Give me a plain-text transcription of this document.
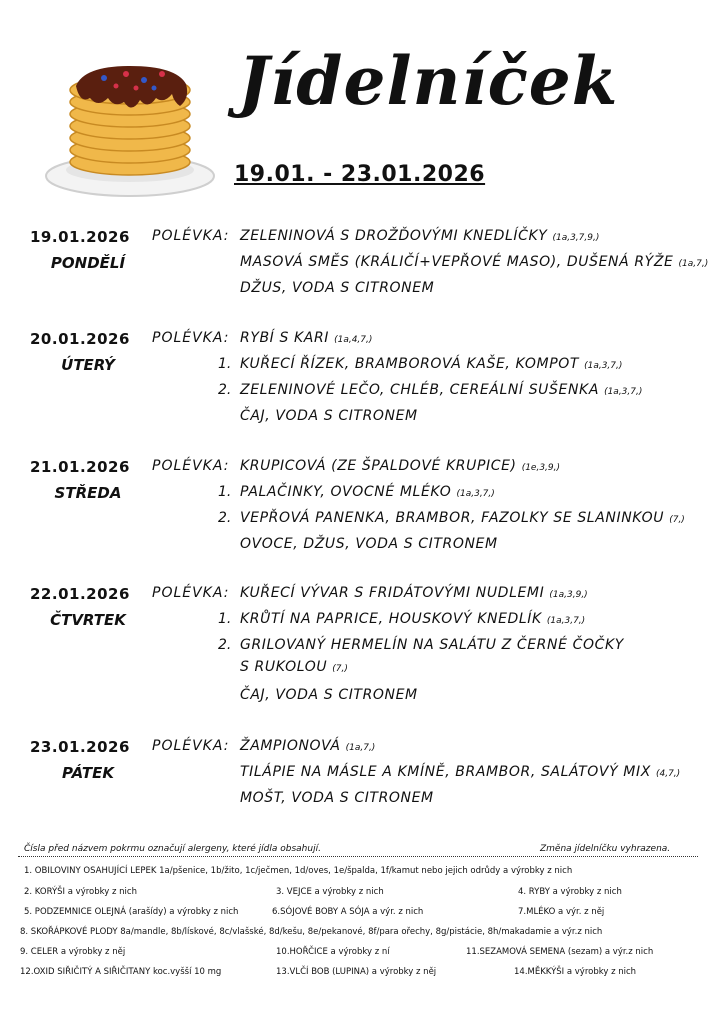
Jídelníček
19.01. - 23.01.2026
19.01.2026
PONDĚLÍ
POLÉVKA: ZELENINOVÁ S DROŽĎOVÝMI KNEDLÍČKY (1a,3,7,9,)
MASOVÁ SMĚS (KRÁLIČÍ+VEPŘOVÉ MASO), DUŠENÁ RÝŽE (1a,7,)
DŽUS, VODA S CITRONEM
20.01.2026
ÚTERÝ
POLÉVKA: RYBÍ S KARI (1a,4,7,)
1. KUŘECÍ ŘÍZEK, BRAMBOROVÁ KAŠE, KOMPOT (1a,3,7,)
2. ZELENINOVÉ LEČO, CHLÉB, CEREÁLNÍ SUŠENKA (1a,3,7,)
ČAJ, VODA S CITRONEM
21.01.2026
STŘEDA
POLÉVKA: KRUPICOVÁ (ZE ŠPALDOVÉ KRUPICE) (1e,3,9,)
1. PALAČINKY, OVOCNÉ MLÉKO (1a,3,7,)
2. VEPŘOVÁ PANENKA, BRAMBOR, FAZOLKY SE SLANINKOU (7,)
OVOCE, DŽUS, VODA S CITRONEM
22.01.2026
ČTVRTEK
POLÉVKA: KUŘECÍ VÝVAR S FRIDÁTOVÝMI NUDLEMI (1a,3,9,)
1. KRŮTÍ NA PAPRICE, HOUSKOVÝ KNEDLÍK (1a,3,7,)
2. GRILOVANÝ HERMELÍN NA SALÁTU Z ČERNÉ ČOČKY
S RUKOLOU (7,)
ČAJ, VODA S CITRONEM
23.01.2026
PÁTEK
POLÉVKA: ŽAMPIONOVÁ (1a,7,)
TILÁPIE NA MÁSLE A KMÍNĚ, BRAMBOR, SALÁTOVÝ MIX (4,7,)
MOŠT, VODA S CITRONEM
Čísla před názvem pokrmu označují alergeny, které jídla obsahují.	Změna jídelníčku vyhrazena.
1. OBILOVINY OSAHUJÍCÍ LEPEK 1a/pšenice, 1b/žito, 1c/ječmen, 1d/oves, 1e/špalda, 1f/kamut nebo jejich odrůdy a výrobky z nich
2. KORÝŠI a výrobky z nich	3. VEJCE a výrobky z nich	4. RYBY a výrobky z nich
5. PODZEMNICE OLEJNÁ (arašídy) a výrobky z nich	6.SÓJOVÉ BOBY A SÓJA a výr. z nich	7.MLÉKO a výr. z něj
8. SKOŘÁPKOVÉ PLODY 8a/mandle, 8b/lískové, 8c/vlašské, 8d/kešu, 8e/pekanové, 8f/para ořechy, 8g/pistácie, 8h/makadamie a výr.z nich
9. CELER a výrobky z něj	10.HOŘČICE a výrobky z ní	11.SEZAMOVÁ SEMENA (sezam) a výr.z nich
12.OXID SIŘIČITÝ A SIŘIČITANY koc.vyšší 10 mg	13.VLČÍ BOB (LUPINA) a výrobky z něj	14.MĚKKÝŠI a výrobky z nich
